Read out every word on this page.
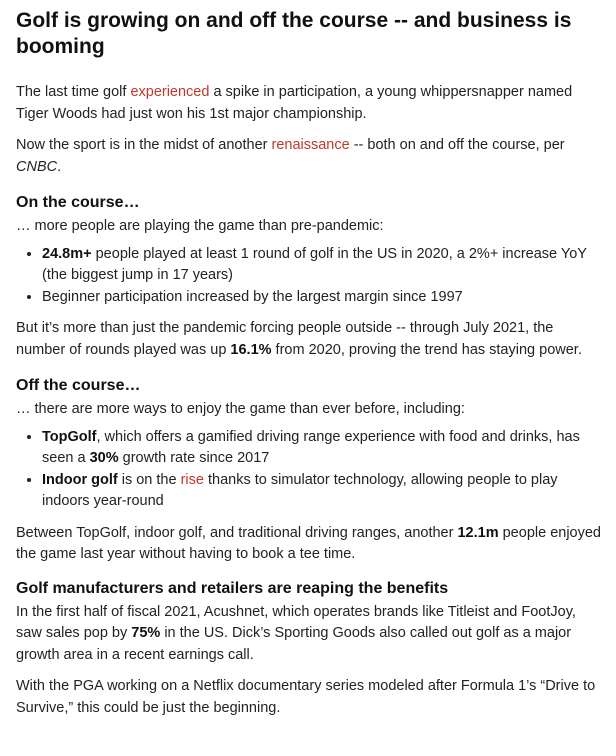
Golf is growing on and off the course -- and business is booming

The last time golf experienced a spike in participation, a young whippersnapper named Tiger Woods had just won his 1st major championship.

Now the sport is in the midst of another renaissance -- both on and off the course, per CNBC.

On the course…

… more people are playing the game than pre-pandemic:

• 24.8m+ people played at least 1 round of golf in the US in 2020, a 2%+ increase YoY (the biggest jump in 17 years)
• Beginner participation increased by the largest margin since 1997

But it’s more than just the pandemic forcing people outside -- through July 2021, the number of rounds played was up 16.1% from 2020, proving the trend has staying power.

Off the course…

… there are more ways to enjoy the game than ever before, including:

• TopGolf, which offers a gamified driving range experience with food and drinks, has seen a 30% growth rate since 2017
• Indoor golf is on the rise thanks to simulator technology, allowing people to play indoors year-round

Between TopGolf, indoor golf, and traditional driving ranges, another 12.1m people enjoyed the game last year without having to book a tee time.

Golf manufacturers and retailers are reaping the benefits

In the first half of fiscal 2021, Acushnet, which operates brands like Titleist and FootJoy, saw sales pop by 75% in the US. Dick’s Sporting Goods also called out golf as a major growth area in a recent earnings call.

With the PGA working on a Netflix documentary series modeled after Formula 1’s “Drive to Survive,” this could be just the beginning.
